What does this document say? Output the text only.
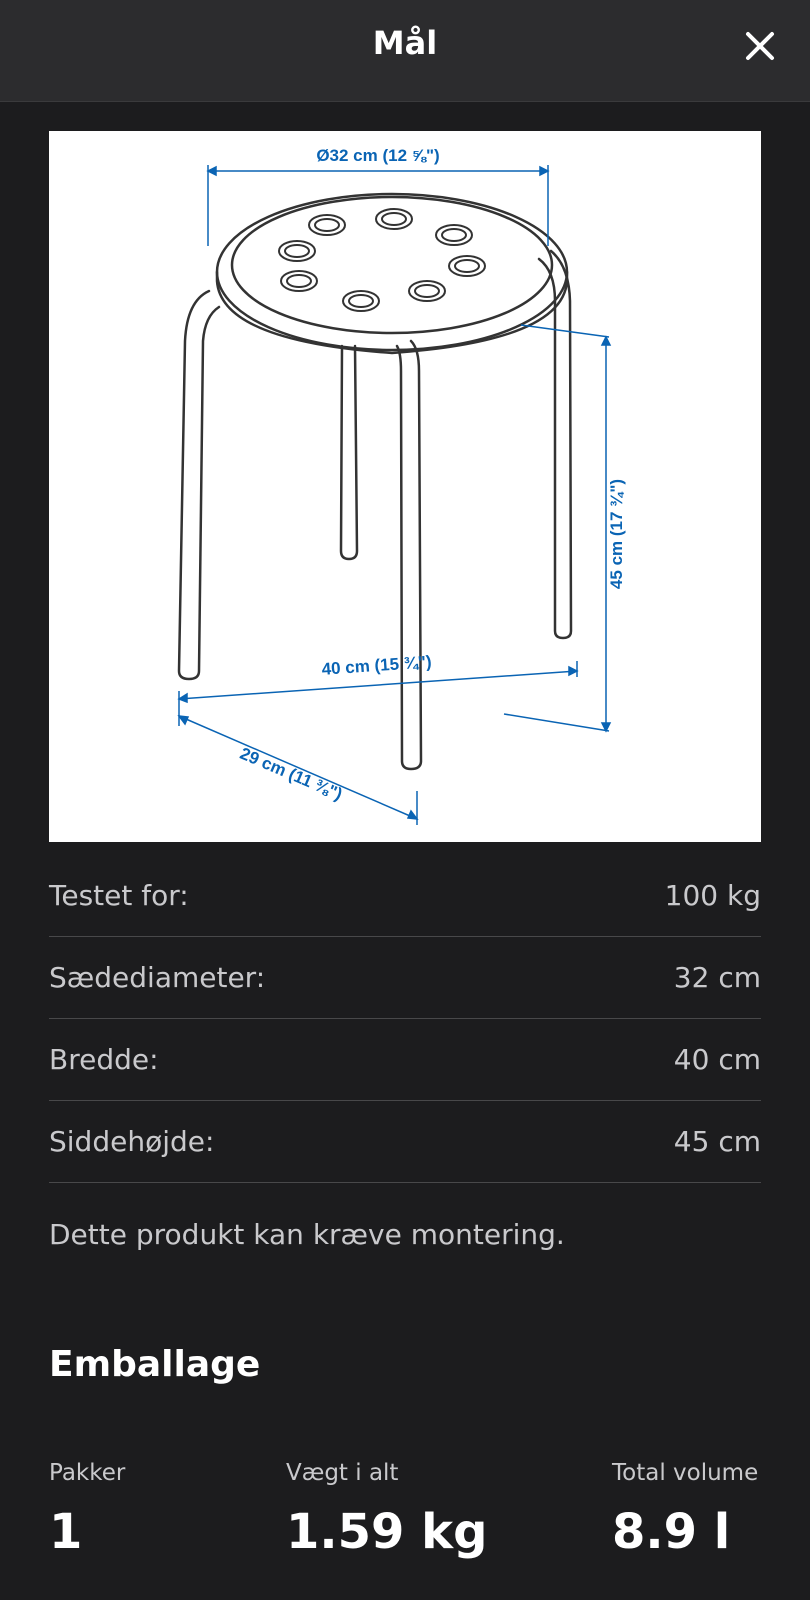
Mål
Ø32 cm (12 ⅝")
45 cm (17 ¾")
40 cm (15 ¾")
29 cm (11 ⅜")
Testet for:	100 kg
Sædediameter:	32 cm
Bredde:	40 cm
Siddehøjde:	45 cm
Dette produkt kan kræve montering.
Emballage
Pakker
1
Vægt i alt
1.59 kg
Total volume
8.9 l
